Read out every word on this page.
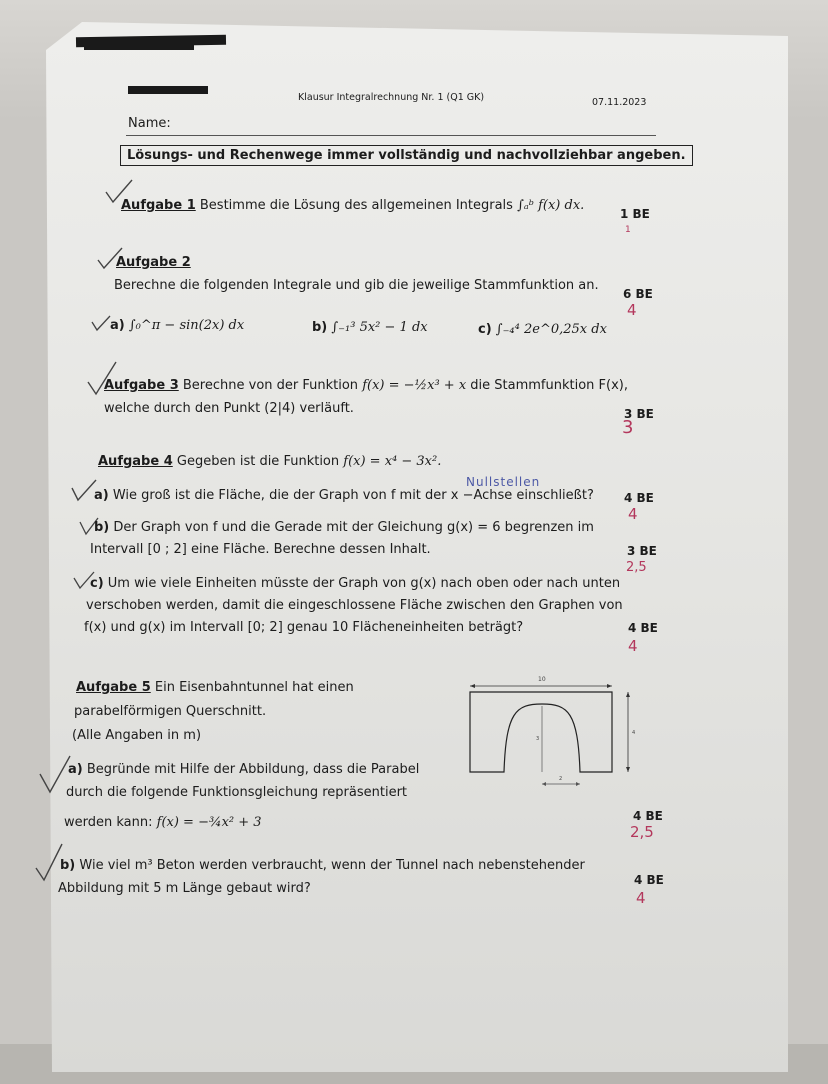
Klausur Integralrechnung Nr. 1 (Q1 GK)	07.11.2023
Name:
Lösungs- und Rechenwege immer vollständig und nachvollziehbar angeben.
Aufgabe 1 Bestimme die Lösung des allgemeinen Integrals ∫ₐᵇ f(x) dx.
1 BE
1
Aufgabe 2
Berechne die folgenden Integrale und gib die jeweilige Stammfunktion an.
6 BE
4
a) ∫₀^π − sin(2x) dx	b) ∫₋₁³ 5x² − 1 dx	c) ∫₋₄⁴ 2e^0,25x dx
Aufgabe 3 Berechne von der Funktion f(x) = −½x³ + x die Stammfunktion F(x),
welche durch den Punkt (2|4) verläuft.	3 BE
3
Aufgabe 4 Gegeben ist die Funktion f(x) = x⁴ − 3x².
Nullstellen
a) Wie groß ist die Fläche, die der Graph von f mit der x −Achse einschließt?	4 BE
4
b) Der Graph von f und die Gerade mit der Gleichung g(x) = 6 begrenzen im
Intervall [0 ; 2] eine Fläche. Berechne dessen Inhalt.	3 BE
2,5
c) Um wie viele Einheiten müsste der Graph von g(x) nach oben oder nach unten
verschoben werden, damit die eingeschlossene Fläche zwischen den Graphen von
f(x) und g(x) im Intervall [0; 2] genau 10 Flächeneinheiten beträgt?	4 BE
4
Aufgabe 5 Ein Eisenbahntunnel hat einen
parabelförmigen Querschnitt.
(Alle Angaben in m)
10
4
3
2
a) Begründe mit Hilfe der Abbildung, dass die Parabel
durch die folgende Funktionsgleichung repräsentiert
werden kann: f(x) = −¾x² + 3	4 BE
2,5
b) Wie viel m³ Beton werden verbraucht, wenn der Tunnel nach nebenstehender
Abbildung mit 5 m Länge gebaut wird?
4 BE
4
